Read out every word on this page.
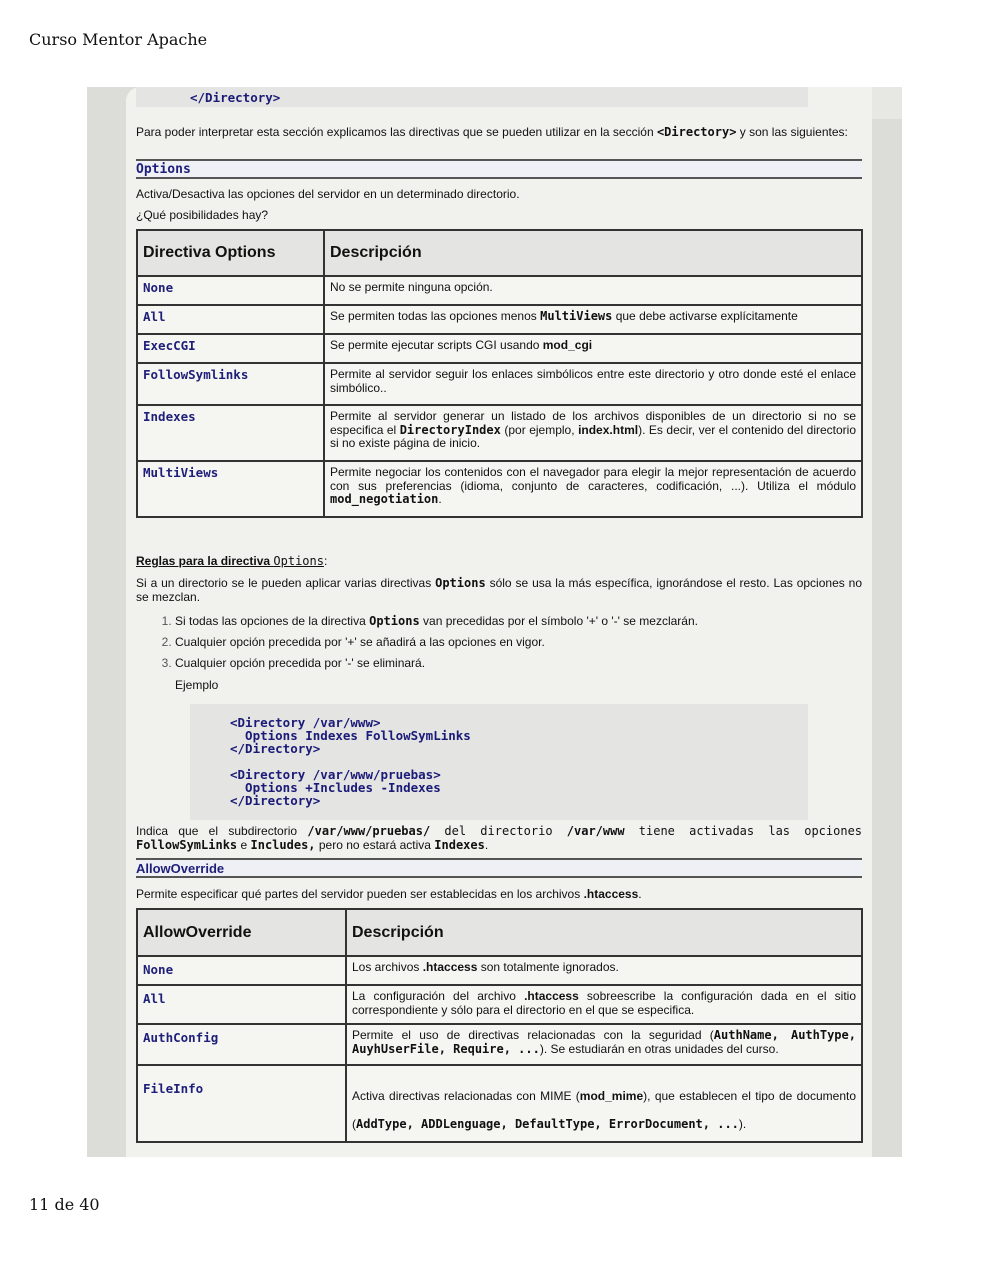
Curso Mentor Apache
</Directory>
Para poder interpretar esta sección explicamos las directivas que se pueden utilizar en la sección <Directory> y son las siguientes:
Options
Activa/Desactiva las opciones del servidor en un determinado directorio.
¿Qué posibilidades hay?
Directiva Options	Descripción
None	No se permite ninguna opción.
All	Se permiten todas las opciones menos MultiViews que debe activarse explícitamente
ExecCGI	Se permite ejecutar scripts CGI usando mod_cgi
FollowSymlinks	Permite al servidor seguir los enlaces simbólicos entre este directorio y otro donde esté el enlace simbólico..
Indexes	Permite al servidor generar un listado de los archivos disponibles de un directorio si no se especifica el DirectoryIndex (por ejemplo, index.html). Es decir, ver el contenido del directorio si no existe página de inicio.
MultiViews	Permite negociar los contenidos con el navegador para elegir la mejor representación de acuerdo con sus preferencias (idioma, conjunto de caracteres, codificación, ...). Utiliza el módulo mod_negotiation.
Reglas para la directiva Options:
Si a un directorio se le pueden aplicar varias directivas Options sólo se usa la más específica, ignorándose el resto. Las opciones no se mezclan.
1. Si todas las opciones de la directiva Options van precedidas por el símbolo '+' o '-' se mezclarán.
2. Cualquier opción precedida por '+' se añadirá a las opciones en vigor.
3. Cualquier opción precedida por '-' se eliminará.
Ejemplo
<Directory /var/www>
Options Indexes FollowSymLinks
</Directory>

<Directory /var/www/pruebas>
Options +Includes -Indexes
</Directory>
Indica que el subdirectorio /var/www/pruebas/ del directorio /var/www tiene activadas las opciones FollowSymLinks e Includes, pero no estará activa Indexes.
AllowOverride
Permite especificar qué partes del servidor pueden ser establecidas en los archivos .htaccess.
AllowOverride	Descripción
None	Los archivos .htaccess son totalmente ignorados.
All	La configuración del archivo .htaccess sobreescribe la configuración dada en el sitio correspondiente y sólo para el directorio en el que se especifica.
AuthConfig	Permite el uso de directivas relacionadas con la seguridad (AuthName, AuthType, AuyhUserFile, Require, ...). Se estudiarán en otras unidades del curso.
FileInfo	Activa directivas relacionadas con MIME (mod_mime), que establecen el tipo de documento (AddType, ADDLenguage, DefaultType, ErrorDocument, ...).
11 de 40
